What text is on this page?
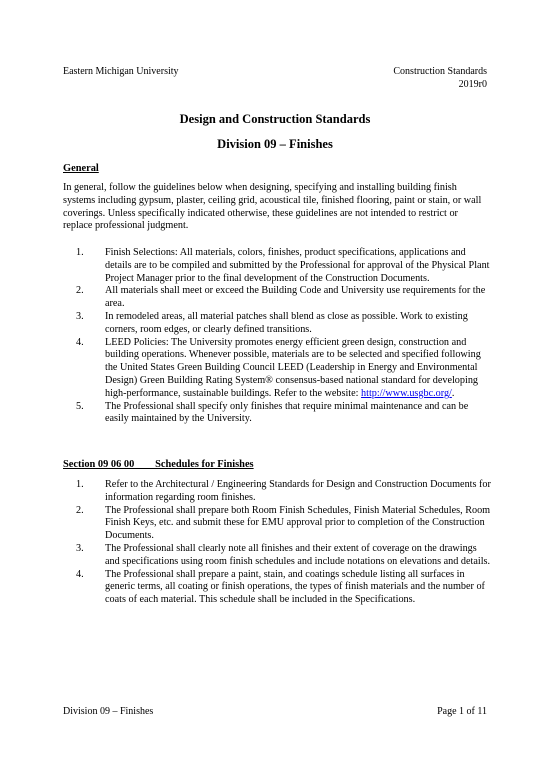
Eastern Michigan University	Construction Standards
2019r0
Design and Construction Standards
Division 09 – Finishes
General
In general, follow the guidelines below when designing, specifying and installing building finish systems including gypsum, plaster, ceiling grid, acoustical tile, finished flooring, paint or stain, or wall coverings. Unless specifically indicated otherwise, these guidelines are not intended to restrict or replace professional judgment.
1. Finish Selections: All materials, colors, finishes, product specifications, applications and details are to be compiled and submitted by the Professional for approval of the Physical Plant Project Manager prior to the final development of the Construction Documents.
2. All materials shall meet or exceed the Building Code and University use requirements for the area.
3. In remodeled areas, all material patches shall blend as close as possible. Work to existing corners, room edges, or clearly defined transitions.
4. LEED Policies: The University promotes energy efficient green design, construction and building operations. Whenever possible, materials are to be selected and specified following the United States Green Building Council LEED (Leadership in Energy and Environmental Design) Green Building Rating System® consensus-based national standard for developing high-performance, sustainable buildings. Refer to the website: http://www.usgbc.org/.
5. The Professional shall specify only finishes that require minimal maintenance and can be easily maintained by the University.
Section 09 06 00        Schedules for Finishes
1. Refer to the Architectural / Engineering Standards for Design and Construction Documents for information regarding room finishes.
2. The Professional shall prepare both Room Finish Schedules, Finish Material Schedules, Room Finish Keys, etc. and submit these for EMU approval prior to completion of the Construction Documents.
3. The Professional shall clearly note all finishes and their extent of coverage on the drawings and specifications using room finish schedules and include notations on elevations and details.
4. The Professional shall prepare a paint, stain, and coatings schedule listing all surfaces in generic terms, all coating or finish operations, the types of finish materials and the number of coats of each material. This schedule shall be included in the Specifications.
Division 09 – Finishes	Page 1 of 11
